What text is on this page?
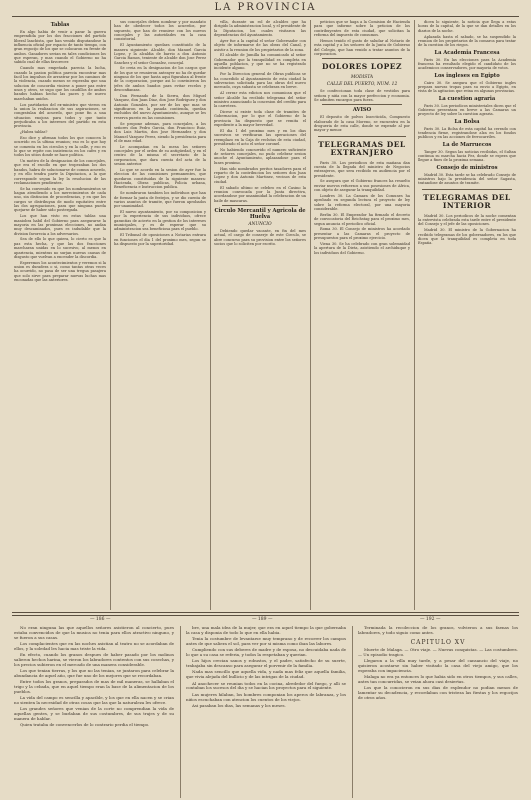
LA PROVINCIA
Tablas

En algo habia de venir a parar la guerra emprendida por los dos fracciones del partido liberal lanchista, que han venido disputandose la influencia oficial por espacio de tanto tiempo, con gran regocijo de los que se colocaron en frente de ambos. Ganadores serian en tales condiciones los que esperan, y mas cuando el Gobierno no ha sabido cual de ellas favorecer.

Cuando mas empeñada parecia la lucha, cuando la pasion politica parecia encontrar mas facil los impulsos de arrastrar por los caminos de la violencia, cuando menos se esperaba que una solucion de concordia viniese a poner paz entre unos y otros, se supo que los caudillos de ambos bandos habian hecho las paces y de nuevo marchaban unidos.

Los partidarios del ex-ministro que vieron en la union la realizacion de sus aspiraciones, se congratulan del acuerdo, que pone fin a una situacion enojosa para todos y que tanto perjudicaba a los intereses del partido en esta provincia.

¿Habra tablas?

Eso dice y afirman todos los que conocen lo ocurrido en la ultima reunion; eso es lo que hoy se comenta en los circulos y en la calle, y eso es lo que se repite con insistencia en los cafes y en todos los sitios donde se hace politica.

Un motivo de la designacion de los concejales, que era el escollo en que tropezaban los dos bandos, habra de solucionarse de comun acuerdo, y en ello tendra parte la Diputacion, a la que corresponde segun la ley la resolucion de las reclamaciones pendientes.

Se ha convenido en que los nombramientos se hagan atendiendo a los merecimientos de cada uno, sin distincion de procedencias, y en que los cargos se distribuyan de modo equitativo entre las dos agrupaciones, para que ninguna pueda quejarse de haber sido postergada.

Los que han visto en estas tablas una maniobra habil del Gobierno para asegurarse la mayoria en las proximas elecciones, no andan muy descaminados, pues es indudable que la division favorecia a los adversarios.

Sea de ello lo que quiera, lo cierto es que la paz esta hecha, y que las dos fracciones marcharan unidas en lo sucesivo, al menos en apariencia, mientras no surjan nuevas causas de disgusto que vuelvan a encender la discordia.

Esperemos los acontecimientos y veremos si la union es duradera o si, como tantas otras veces ha ocurrido, no pasa de ser una tregua pasajera que solo sirve para preparar nuevas luchas mas enconadas que las anteriores.

sus concejales deben nombrar y por mandato han de obedecer todos los acuerdos, por supuesto, que han de reunirse con los nuevos concejales y las autoridades en la casa consistorial.

El Ayuntamiento quedara constituido de la manera siguiente: Alcalde, don Manuel Garcia Lopez, y la alcaldia de barrio a don Antonio Garcia Ramos, teniente de alcalde don Jose Perez Sanchez y el señor Gonzalez, concejal.

Se creia en la designacion de los cargos que de los que se reunieron anteayer no ha de quedar ninguno de los que hasta aqui figuraban al frente de la corporacion, porque asi lo convinieron los jefes de ambos bandos para evitar recelos y desconfianzas.

Don Fernando de la Sierra, don Miguel Vazquez, don Juan Diaz, don Jose Rodriguez y don Antonio Gonzalez, por ser de los que mas se significaron en la pasada contienda, quedan excluidos del nuevo Ayuntamiento, aunque se les reserva puesto en las comisiones.

Se propone ademas, para concejales, a los señores don Pedro Garcia, don Francisco Ruiz, don Luis Martin, don Jose Hernandez y don Manuel Vazquez Perez, siendo la presidencia para el de mas edad.

Le acompañan en la mesa los señores concejales por el orden de su antigüedad, y en el centro de la misma el secretario de la corporacion, que dara cuenta del acta de la sesion anterior.

Lo que se acordo en la sesion de ayer fue la eleccion de las comisiones permanentes, que quedaron constituidas de la siguiente manera: Hacienda, Obras publicas, Policia urbana, Beneficencia e Instruccion publica.

Se nombraron tambien los individuos que han de formar la junta de festejos, y se dio cuenta de varios asuntos de tramite, que fueron aprobados por unanimidad.

El nuevo ayuntamiento, por su composicion y por la experiencia de sus individuos, ofrece garantias de acierto en la gestion de los intereses municipales, y es de esperar que su administracion sea beneficiosa para el pueblo.

El Tribunal de oposiciones a Notarias entrara en funciones el dia 1 del proximo mes, segun se ha dispuesto por la superioridad.

villa, durante un rol de alcaldes que ha dirigido la administracion local, y el presidente de la Diputacion, los cuales visitaron las dependencias del Ayuntamiento.

Ayer fue a la capital el señor Gobernador con objeto de informarse de las obras del Canal, y asistir a la reunion de los propietarios de la zona.

El alcalde de Jumilla ha comunicado al señor Gobernador que la tranquilidad es completa en aquella poblacion, y que no se ha registrado incidente alguno.

Por la Direccion general de Obras publicas se ha concedido al Ayuntamiento de esta ciudad la subvencion solicitada para las obras del nuevo mercado, cuya subasta se celebrara en breve.

Al cerrar esta edicion nos comunican que el señor Alcalde ha recibido telegrama del señor ministro anunciando la concesion del credito para la carretera.

Dicese si existe toda clase de tramites de Gobernacion, por lo que el Gobierno de la provincia ha dispuesto que se remita el expediente a la mayor brevedad.

El dia 1 del proximo mes y en los dias sucesivos se verificaran las operaciones del reemplazo en la Caja de reclutas de esta ciudad, presidiendo el acto el señor coronel.

No habiendo concurrido el numero suficiente de señores concejales, no pudo celebrar sesion anoche el Ayuntamiento, aplazandose para el lunes proximo.

Han sido nombrados peritos tasadores para el reparto de la contribucion los señores don Juan Lopez y don Antonio Martinez, vecinos de esta ciudad.

El sabado ultimo se celebro en el Casino la reunion convocada por la Junta directiva, acordandose por unanimidad la celebracion de un baile de mascaras.

Circulo Mercantil y Agricola de Huelva
ANUNCIO

Debiendo quedar vacante, en fin del mes actual, el cargo de conserje de este Circulo, se abre concurso para su provision entre los señores socios que lo soliciten por escrito.

peticion que se haga a la Comision de Hacienda para que informe sobre la peticion de los contribuyentes de esta ciudad, que solicitan la reforma del impuesto de consumos.

Hemos tenido el gusto de saludar al Notario de esta capital y a los señores de la Junta de Gobierno del Colegio, que han venido a tratar asuntos de la corporacion.

DOLORES LOPEZ
MODISTA
CALLE DEL PUERTO, NUM. 12

Se confeccionan toda clase de vestidos para señora y niña con la mayor perfeccion y economia. Se admiten encargos para fuera.

AVISO

El deposito de polvos Insecticida, Compuesto elaborado de la casa Moreno, se encuentra en la drogueria de esta calle, donde se expende al por mayor y menor.

TELEGRAMAS DEL EXTRANJERO

Paris 30. Los periodicos de esta mañana dan cuenta de la llegada del ministro de Negocios extranjeros, que sera recibido en audiencia por el presidente.

Se asegura que el Gobierno frances ha resuelto enviar nuevos refuerzos a sus posesiones de Africa, con objeto de asegurar la tranquilidad.

Londres 30. La Camara de los Comunes ha aprobado en segunda lectura el proyecto de ley sobre la reforma electoral, por una mayoria considerable.

Berlin 30. El Emperador ha firmado el decreto de convocatoria del Reichstag para el proximo mes, segun anuncia el periodico oficial.

Roma 30. El Consejo de ministros ha acordado presentar a las Camaras el proyecto de presupuestos para el proximo ejercicio.

Viena 30. Se ha celebrado con gran solemnidad la apertura de la Dieta, asistiendo el archiduque y los individuos del Gobierno.

dicen lo siguiente, la noticia que llega a estas horas de la capital, de la que se dan detalles en los diarios de la noche.

Aplazada hasta el sabado, se ha suspendido la reunion de los propietarios de la comarca para tratar de la cuestion de los riegos.

La Academia Francesa

Paris 30. En las elecciones para la Academia francesa ha resultado elegido el candidato de los academicos conservadores, por mayoria de votos.

Los ingleses en Egipto

Cairo 30. Se asegura que el Gobierno ingles prepara nuevas tropas para su envio a Egipto, en vista de la agitacion que reina en algunas provincias.

La cuestion agraria

Paris 30. Los periodicos ministeriales dicen que el Gobierno presentara en breve a las Camaras un proyecto de ley sobre la cuestion agraria.

La Bolsa

Paris 30. La Bolsa de esta capital ha cerrado con tendencia firme, registrandose alza en los fondos publicos y en las acciones de ferrocarriles.

La de Marruecos

Tanger 30. Segun las noticias recibidas, el Sultan continua su marcha hacia Fez, donde se espera que llegue a fines de la proxima semana.

Consejo de ministros

Madrid 30. Esta tarde se ha celebrado Consejo de ministros bajo la presidencia del señor Sagasta, tratandose de asuntos de tramite.

TELEGRAMAS DEL INTERIOR

Madrid 30. Los periodicos de la noche comentan la entrevista celebrada esta tarde entre el presidente del Consejo y el jefe de las oposiciones.

Madrid 30. El ministro de la Gobernacion ha recibido telegramas de los gobernadores, en los que dicen que la tranquilidad es completa en toda España.

— 186 —	— 189 —	— 192 —

No eran ninguna las que aquellos señores asistieron al concierto, pues estaba convencidos de que la musica no tenia para ellos atractivo ninguno, y se fueron a sus casas.

Los complacientes que en las noches asistian al teatro no se acordaban de ellos, y la soledad les hacia mas triste la vida.

En efecto, cuando los granos despues de haber pasado por los molinos salieron hechos harina, se vieron los labradores contentos con sus cosechas, y los precios subieron en el mercado de una manera considerable.

Los que tenian tierras, y los que no las tenian, se juntaron para celebrar la abundancia de aquel año, que fue uno de los mejores que se recordaban.

Entre todos los granos, preparados de mas de mil maneras, se hallaban el trigo y la cebada, que en aquel tiempo eran la base de la alimentacion de los pueblos.

La vida del campo es sencilla y apacible, y los que en ella nacen y se crian no sienten la necesidad de otras cosas que las que la naturaleza les ofrece.

Los grandes señores que venian de la corte no comprendian la vida de aquellas gentes, y se burlaban de sus costumbres, de sus trajes y de su manera de hablar.

Quien trataba de convencerlos de lo contrario perdia el tiempo.

bre, una mala idea de la mujer, que era en aquel tiempo la que gobernaba la casa y disponia de todo lo que en ella habia.

Tenia la costumbre de levantarse muy temprano y de recorrer los campos antes de que saliera el sol, para ver por si misma como iban las labores.

Cumpliendo con sus deberes de madre y de esposa, no descuidaba nada de lo que a su casa se referia, y todos la respetaban y querian.

Los hijos crecian sanos y robustos, y el padre, satisfecho de su suerte, trabajaba sin descanso para asegurar el porvenir de la familia.

Nada mas sencillo que aquella vida, y nada mas feliz que aquella familia, que vivia alejada del bullicio y de las intrigas de la ciudad.

Al anochecer se reunian todos en la cocina, alrededor del fuego, y alli se contaban los sucesos del dia y se hacian los proyectos para el siguiente.

Las mujeres hilaban, los hombres componian los aperos de labranza, y los niños escuchaban con atencion los cuentos de los viejos.

Asi pasaban los dias, las semanas y los meses.

Terminada la recoleccion de los granos, volvieron a sus faenas los labradores, y todo siguio como antes.

CAPITULO XV

Muerte de Malaga. — Otro viaje. — Nuevas conquistas. — Las costumbres. — Un episodio tragico.

Llegaron a la villa muy tarde, y a pesar del cansancio del viaje, no quisieron acostarse sin haber visitado la casa del viejo amigo, que los esperaba con impaciencia.

Malaga no era ya entonces lo que habia sido en otros tiempos, y sus calles, antes tan concurridas, se veian ahora casi desiertas.

Los que la conocieron en sus dias de esplendor no podian menos de lamentar su decadencia, y recordaban con tristeza las fiestas y los regocijos de otros años.
